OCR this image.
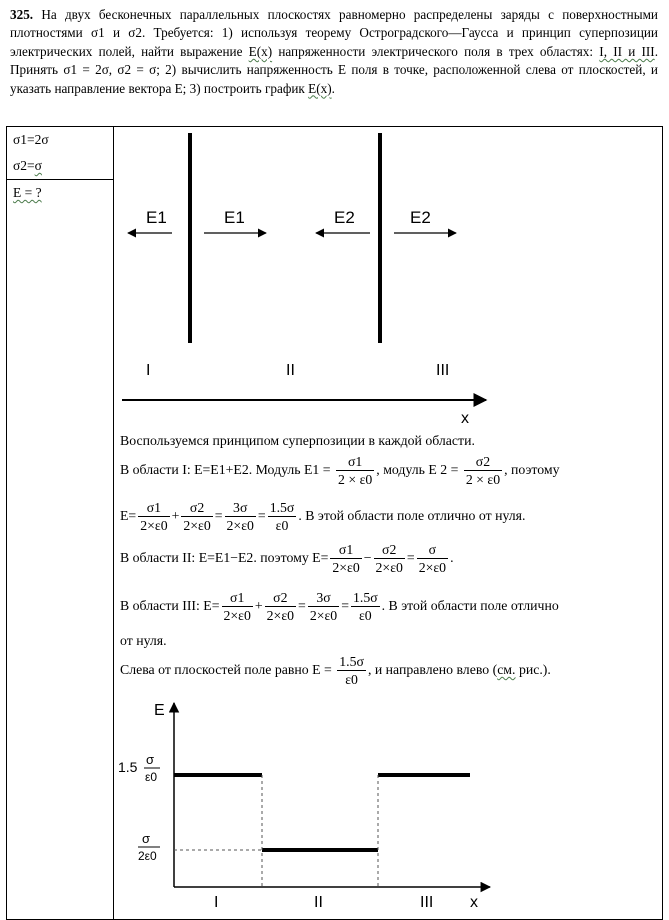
325. На двух бесконечных параллельных плоскостях равномерно распределены заряды с поверхностными плотностями σ1 и σ2. Требуется: 1) используя теорему Остроградского—Гаусса и принцип суперпозиции электрических полей, найти выражение E(x) напряженности электрического поля в трех областях: I, II и III. Принять σ1 = 2σ, σ2 = σ; 2) вычислить напряженность E поля в точке, расположенной слева от плоскостей, и указать направление вектора E; 3) построить график E(x).
σ1=2σ
σ2=σ
E = ?

E1	E1	E2	E2
I	II	III
x
Воспользуемся принципом суперпозиции в каждой области.
В области I: E=E1+E2. Модуль $E1 = \frac{\sigma 1}{2 \times \varepsilon 0}$ , модуль E $2 = \frac{\sigma 2}{2 \times \varepsilon 0}$ , поэтому
$E= \frac{\sigma 1}{2\times\varepsilon 0} + \frac{\sigma 2}{2\times\varepsilon 0} = \frac{3\sigma}{2\times\varepsilon 0} = \frac{1.5\sigma}{\varepsilon 0}$ . В этой области поле отлично от нуля.
В области II: E=E1−E2. поэтому $E= \frac{\sigma 1}{2\times\varepsilon 0} - \frac{\sigma 2}{2\times\varepsilon 0} = \frac{\sigma}{2\times\varepsilon 0}$ .
В области III: $E= \frac{\sigma 1}{2\times\varepsilon 0} + \frac{\sigma 2}{2\times\varepsilon 0} = \frac{3\sigma}{2\times\varepsilon 0} = \frac{1.5\sigma}{\varepsilon 0}$ . В этой области поле отлично
от нуля.
Слева от плоскостей поле равно $E = \frac{1.5\sigma}{\varepsilon 0}$ , и направлено влево (см. рис.).
E
x
I	II	III
1.5 σ
ε0
σ
2ε0
